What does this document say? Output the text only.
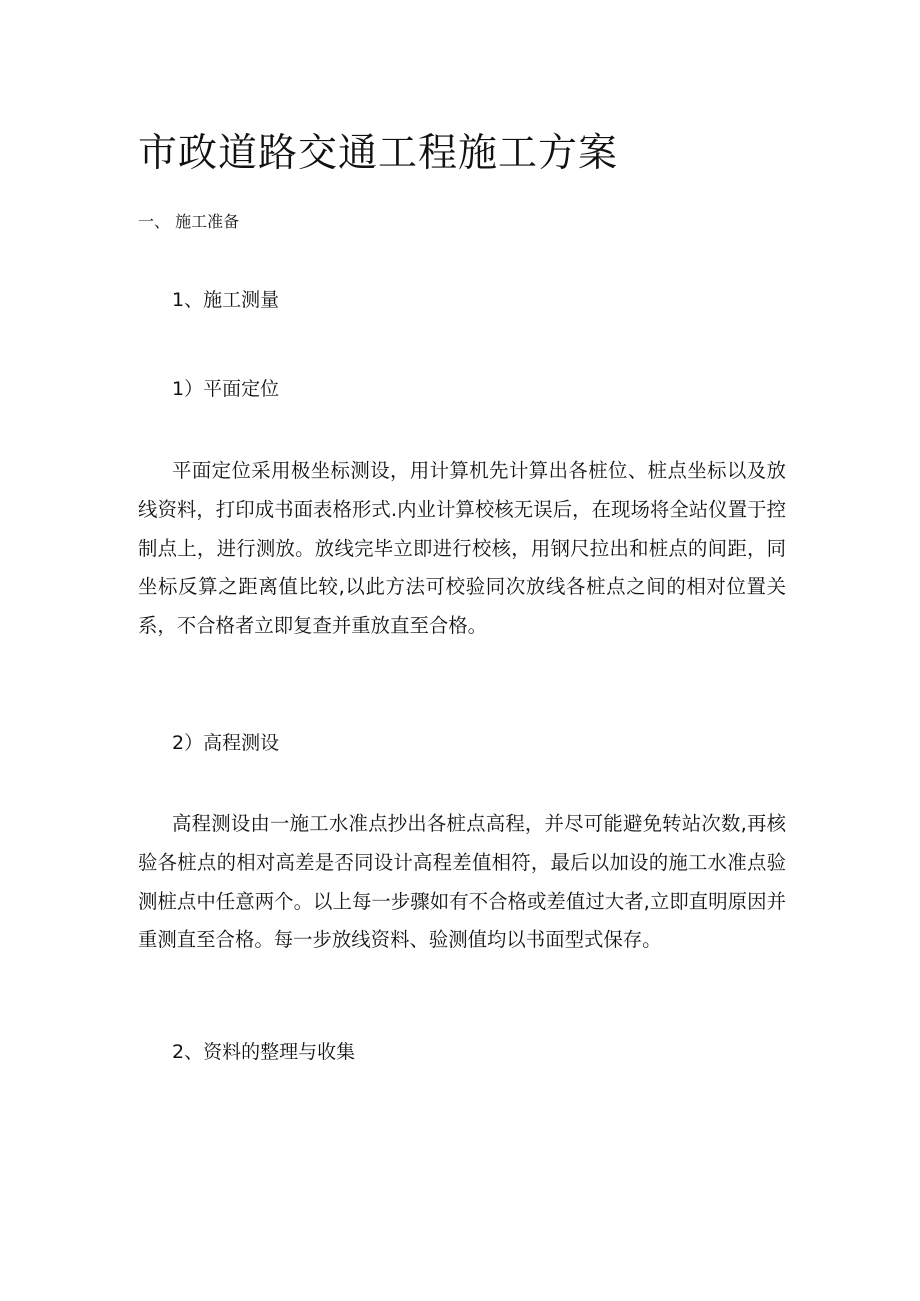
市政道路交通工程施工方案
一、 施工准备
1、施工测量
1）平面定位

平面定位采用极坐标测设，用计算机先计算出各桩位、桩点坐标以及放线资料，打印成书面表格形式.内业计算校核无误后，在现场将全站仪置于控制点上，进行测放。放线完毕立即进行校核，用钢尺拉出和桩点的间距，同坐标反算之距离值比较,以此方法可校验同次放线各桩点之间的相对位置关系，不合格者立即复查并重放直至合格。

2）高程测设

高程测设由一施工水准点抄出各桩点高程，并尽可能避免转站次数,再核验各桩点的相对高差是否同设计高程差值相符，最后以加设的施工水准点验测桩点中任意两个。以上每一步骤如有不合格或差值过大者,立即直明原因并重测直至合格。每一步放线资料、验测值均以书面型式保存。

2、资料的整理与收集
